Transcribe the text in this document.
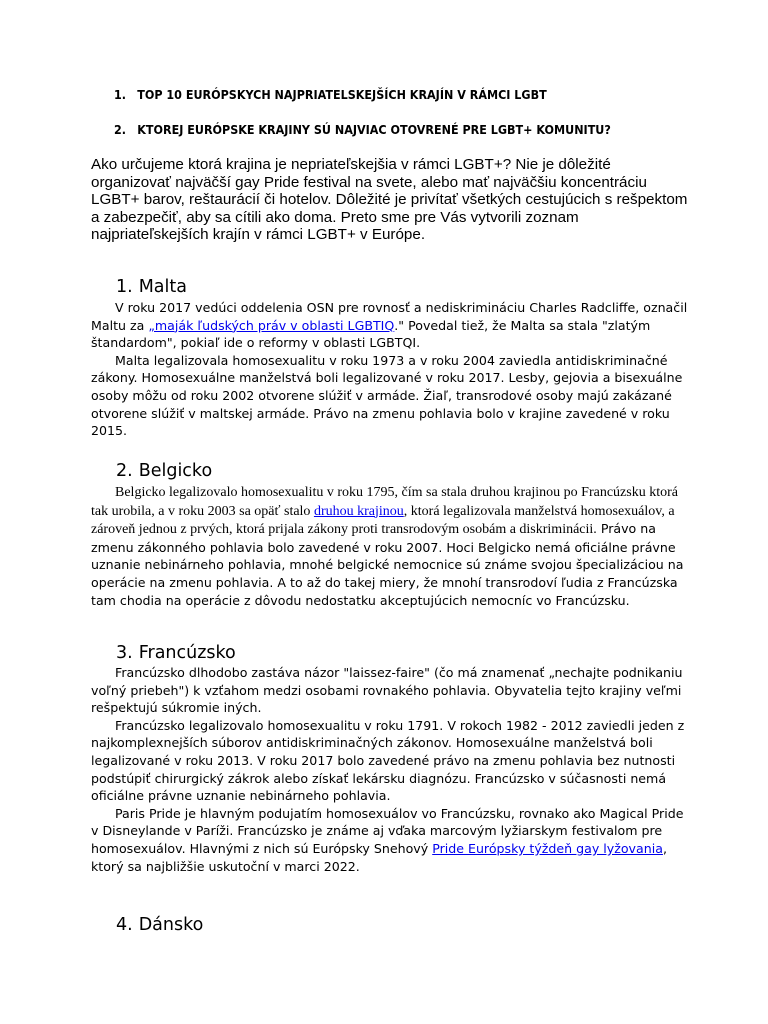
1. TOP 10 EURÓPSKYCH NAJPRIATELSKEJŠÍCH KRAJÍN V RÁMCI LGBT
2. KTOREJ EURÓPSKE KRAJINY SÚ NAJVIAC OTOVRENÉ PRE LGBT+ KOMUNITU?

Ako určujeme ktorá krajina je nepriateľskejšia v rámci LGBT+? Nie je dôležité organizovať najväčší gay Pride festival na svete, alebo mať najväčšiu koncentráciu LGBT+ barov, reštaurácií či hotelov. Dôležité je privítať všetkých cestujúcich s rešpektom a zabezpečiť, aby sa cítili ako doma. Preto sme pre Vás vytvorili zoznam najpriateľskejších krajín v rámci LGBT+ v Európe.

1. Malta

V roku 2017 vedúci oddelenia OSN pre rovnosť a nediskrimináciu Charles Radcliffe, označil Maltu za „maják ľudských práv v oblasti LGBTIQ." Povedal tiež, že Malta sa stala "zlatým štandardom", pokiaľ ide o reformy v oblasti LGBTQI.

Malta legalizovala homosexualitu v roku 1973 a v roku 2004 zaviedla antidiskriminačné zákony. Homosexuálne manželstvá boli legalizované v roku 2017. Lesby, gejovia a bisexuálne osoby môžu od roku 2002 otvorene slúžiť v armáde. Žiaľ, transrodové osoby majú zakázané otvorene slúžiť v maltskej armáde. Právo na zmenu pohlavia bolo v krajine zavedené v roku 2015.

2. Belgicko

Belgicko legalizovalo homosexualitu v roku 1795, čím sa stala druhou krajinou po Francúzsku ktorá tak urobila, a v roku 2003 sa opäť stalo druhou krajinou, ktorá legalizovala manželstvá homosexuálov, a zároveň jednou z prvých, ktorá prijala zákony proti transrodovým osobám a diskriminácii. Právo na zmenu zákonného pohlavia bolo zavedené v roku 2007. Hoci Belgicko nemá oficiálne právne uznanie nebinárneho pohlavia, mnohé belgické nemocnice sú známe svojou špecializáciou na operácie na zmenu pohlavia. A to až do takej miery, že mnohí transrodoví ľudia z Francúzska tam chodia na operácie z dôvodu nedostatku akceptujúcich nemocníc vo Francúzsku.

3. Francúzsko

Francúzsko dlhodobo zastáva názor "laissez-faire" (čo má znamenať „nechajte podnikaniu voľný priebeh") k vzťahom medzi osobami rovnakého pohlavia. Obyvatelia tejto krajiny veľmi rešpektujú súkromie iných.

Francúzsko legalizovalo homosexualitu v roku 1791. V rokoch 1982 - 2012 zaviedli jeden z najkomplexnejších súborov antidiskriminačných zákonov. Homosexuálne manželstvá boli legalizované v roku 2013. V roku 2017 bolo zavedené právo na zmenu pohlavia bez nutnosti podstúpiť chirurgický zákrok alebo získať lekársku diagnózu. Francúzsko v súčasnosti nemá oficiálne právne uznanie nebinárneho pohlavia.

Paris Pride je hlavným podujatím homosexuálov vo Francúzsku, rovnako ako Magical Pride v Disneylande v Paríži. Francúzsko je známe aj vďaka marcovým lyžiarskym festivalom pre homosexuálov. Hlavnými z nich sú Európsky Snehový Pride Európsky týždeň gay lyžovania, ktorý sa najbližšie uskutoční v marci 2022.

4. Dánsko
